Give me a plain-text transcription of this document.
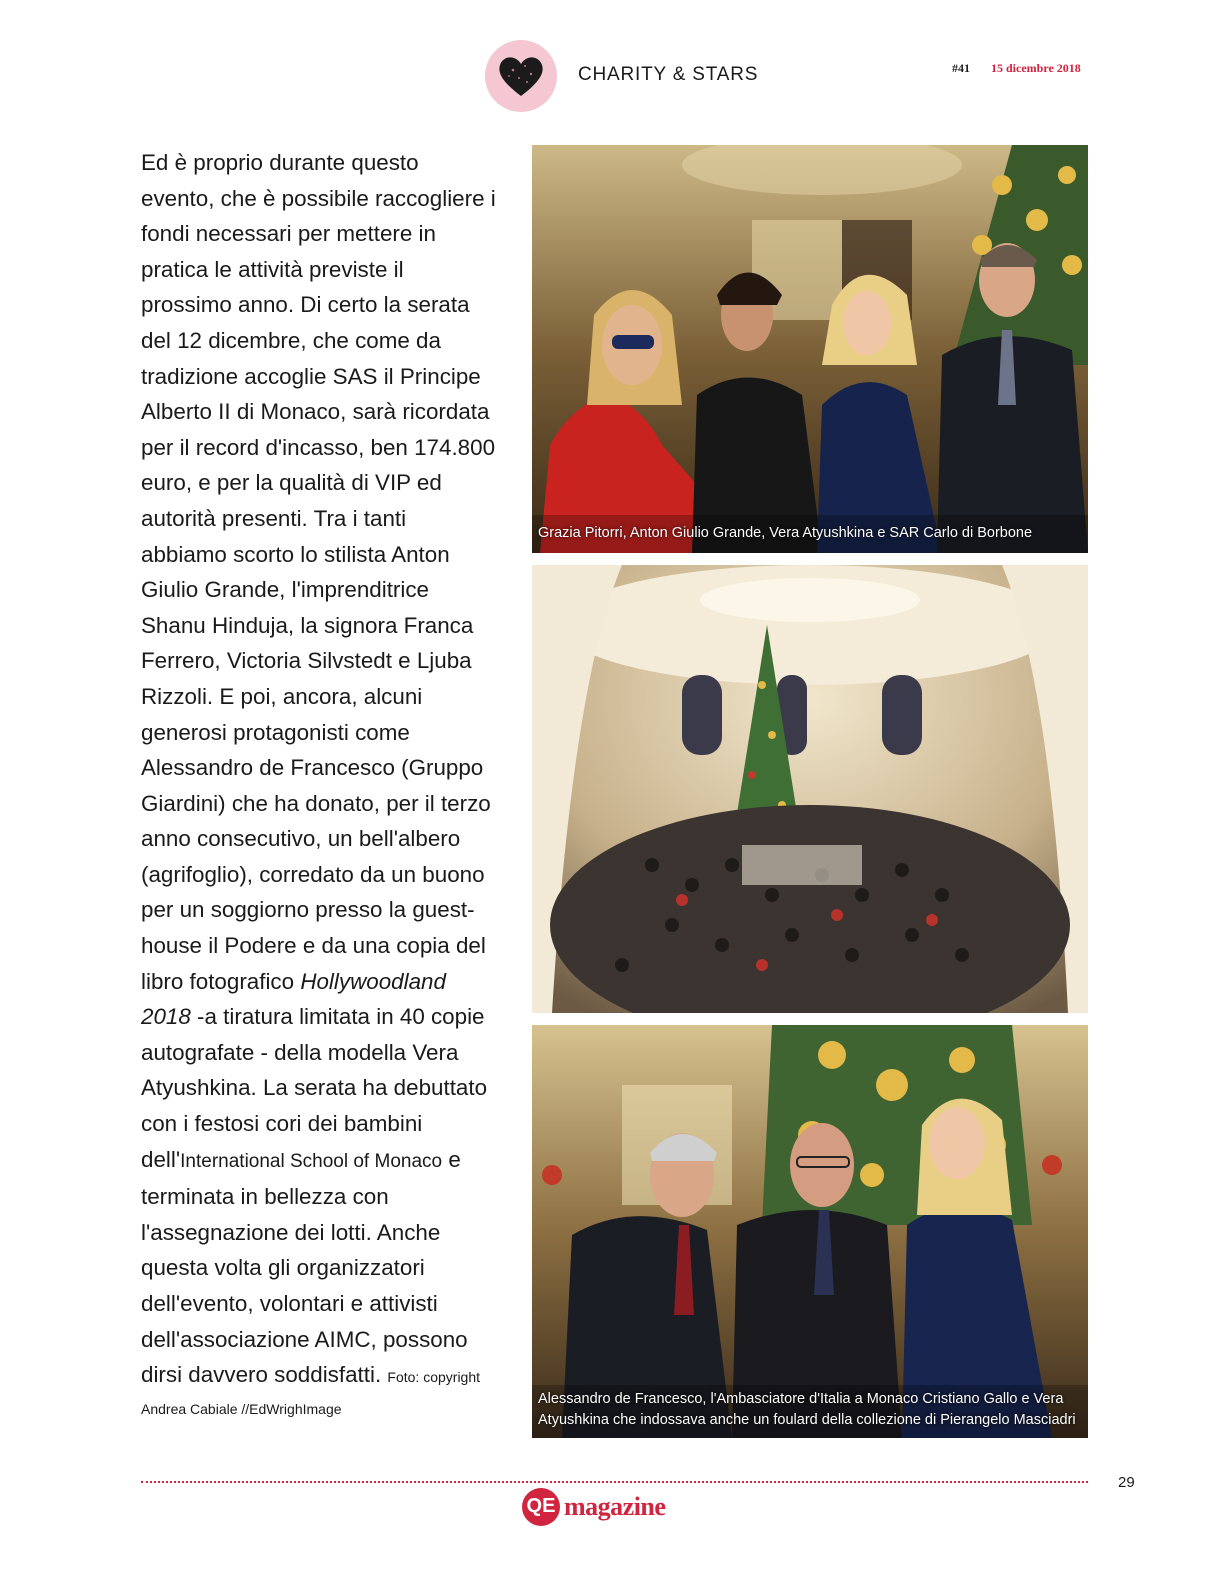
CHARITY & STARS	#41 15 dicembre 2018

Ed è proprio durante questo
evento, che è possibile raccogliere i
fondi necessari per mettere in
pratica le attività previste il
prossimo anno. Di certo la serata
del 12 dicembre, che come da
tradizione accoglie SAS il Principe
Alberto II di Monaco, sarà ricordata
per il record d'incasso, ben 174.800
euro, e per la qualità di VIP ed
autorità presenti. Tra i tanti
abbiamo scorto lo stilista Anton
Giulio Grande, l'imprenditrice
Shanu Hinduja, la signora Franca
Ferrero, Victoria Silvstedt e Ljuba
Rizzoli. E poi, ancora, alcuni
generosi protagonisti come
Alessandro de Francesco (Gruppo
Giardini) che ha donato, per il terzo
anno consecutivo, un bell'albero
(agrifoglio), corredato da un buono
per un soggiorno presso la guest-
house il Podere e da una copia del
libro fotografico Hollywoodland
2018 -a tiratura limitata in 40 copie
autografate - della modella Vera
Atyushkina. La serata ha debuttato
con i festosi cori dei bambini
dell'International School of Monaco e
terminata in bellezza con
l'assegnazione dei lotti. Anche
questa volta gli organizzatori
dell'evento, volontari e attivisti
dell'associazione AIMC, possono
dirsi davvero soddisfatti. Foto: copyright
Andrea Cabiale //EdWrighImage

Grazia Pitorri, Anton Giulio Grande, Vera Atyushkina e SAR Carlo di Borbone
Alessandro de Francesco, l'Ambasciatore d'Italia a Monaco Cristiano Gallo e Vera
Atyushkina che indossava anche un foulard della collezione di Pierangelo Masciadri
29
QE magazine
